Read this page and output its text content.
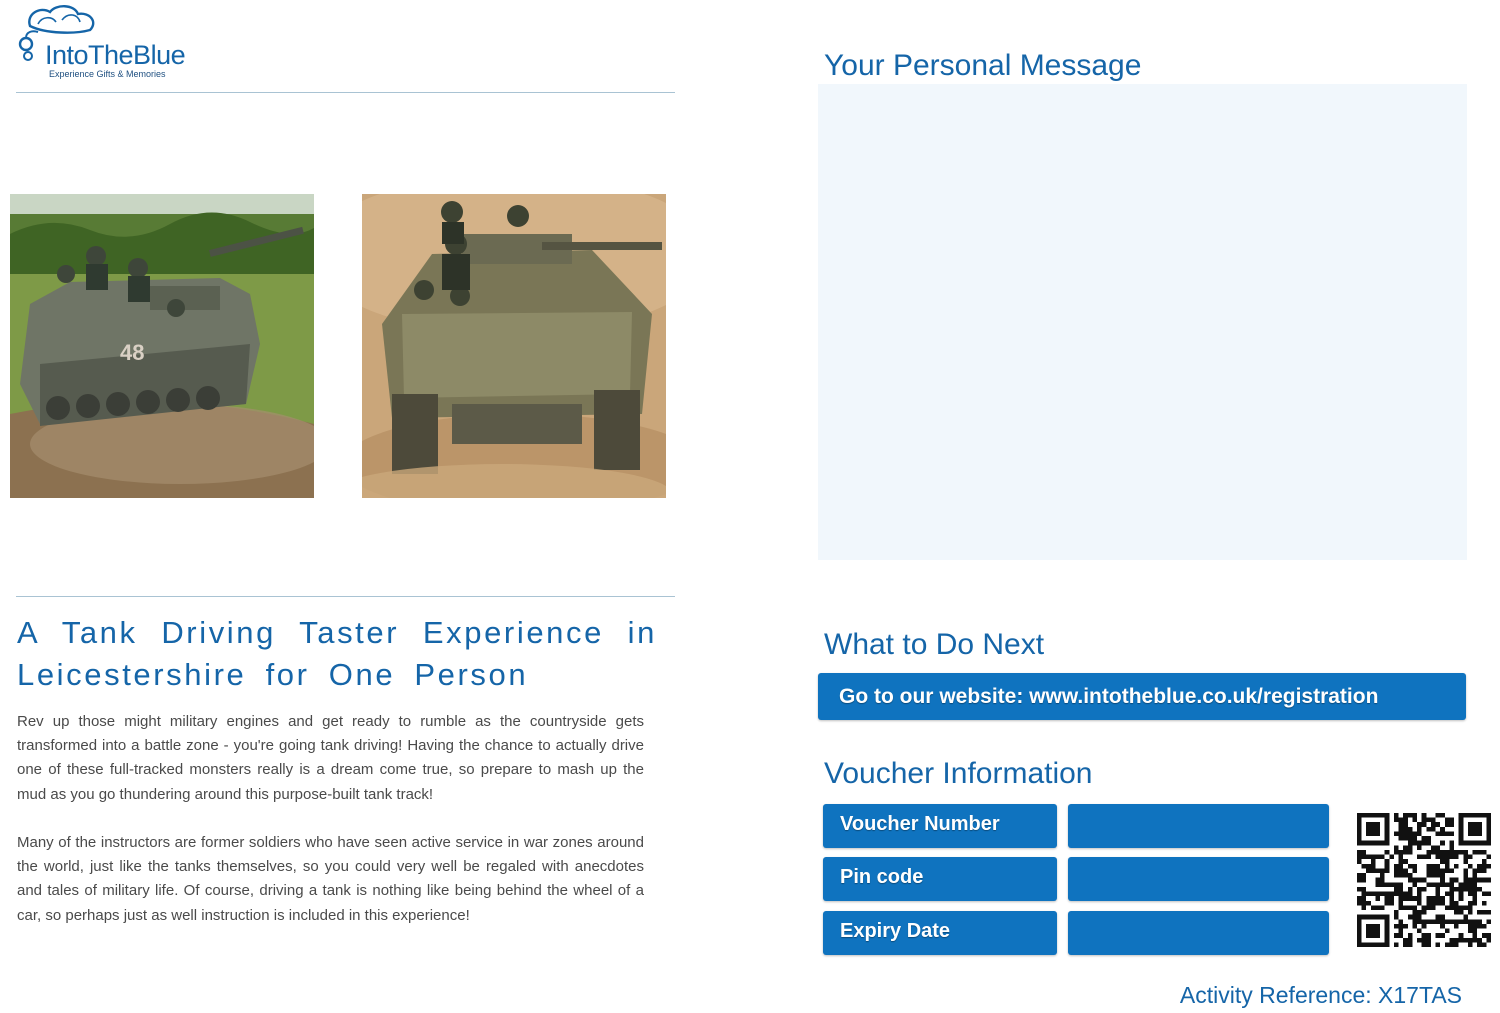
IntoTheBlue
Experience Gifts & Memories
48
A Tank Driving Taster Experience in Leicestershire for One Person
Rev up those might military engines and get ready to rumble as the countryside gets transformed into a battle zone - you're going tank driving! Having the chance to actually drive one of these full-tracked monsters really is a dream come true, so prepare to mash up the mud as you go thundering around this purpose-built tank track!
Many of the instructors are former soldiers who have seen active service in war zones around the world, just like the tanks themselves, so you could very well be regaled with anecdotes and tales of military life. Of course, driving a tank is nothing like being behind the wheel of a car, so perhaps just as well instruction is included in this experience!
Your Personal Message
What to Do Next
Go to our website: www.intotheblue.co.uk/registration
Voucher Information
Voucher Number
Pin code
Expiry Date
Activity Reference: X17TAS
